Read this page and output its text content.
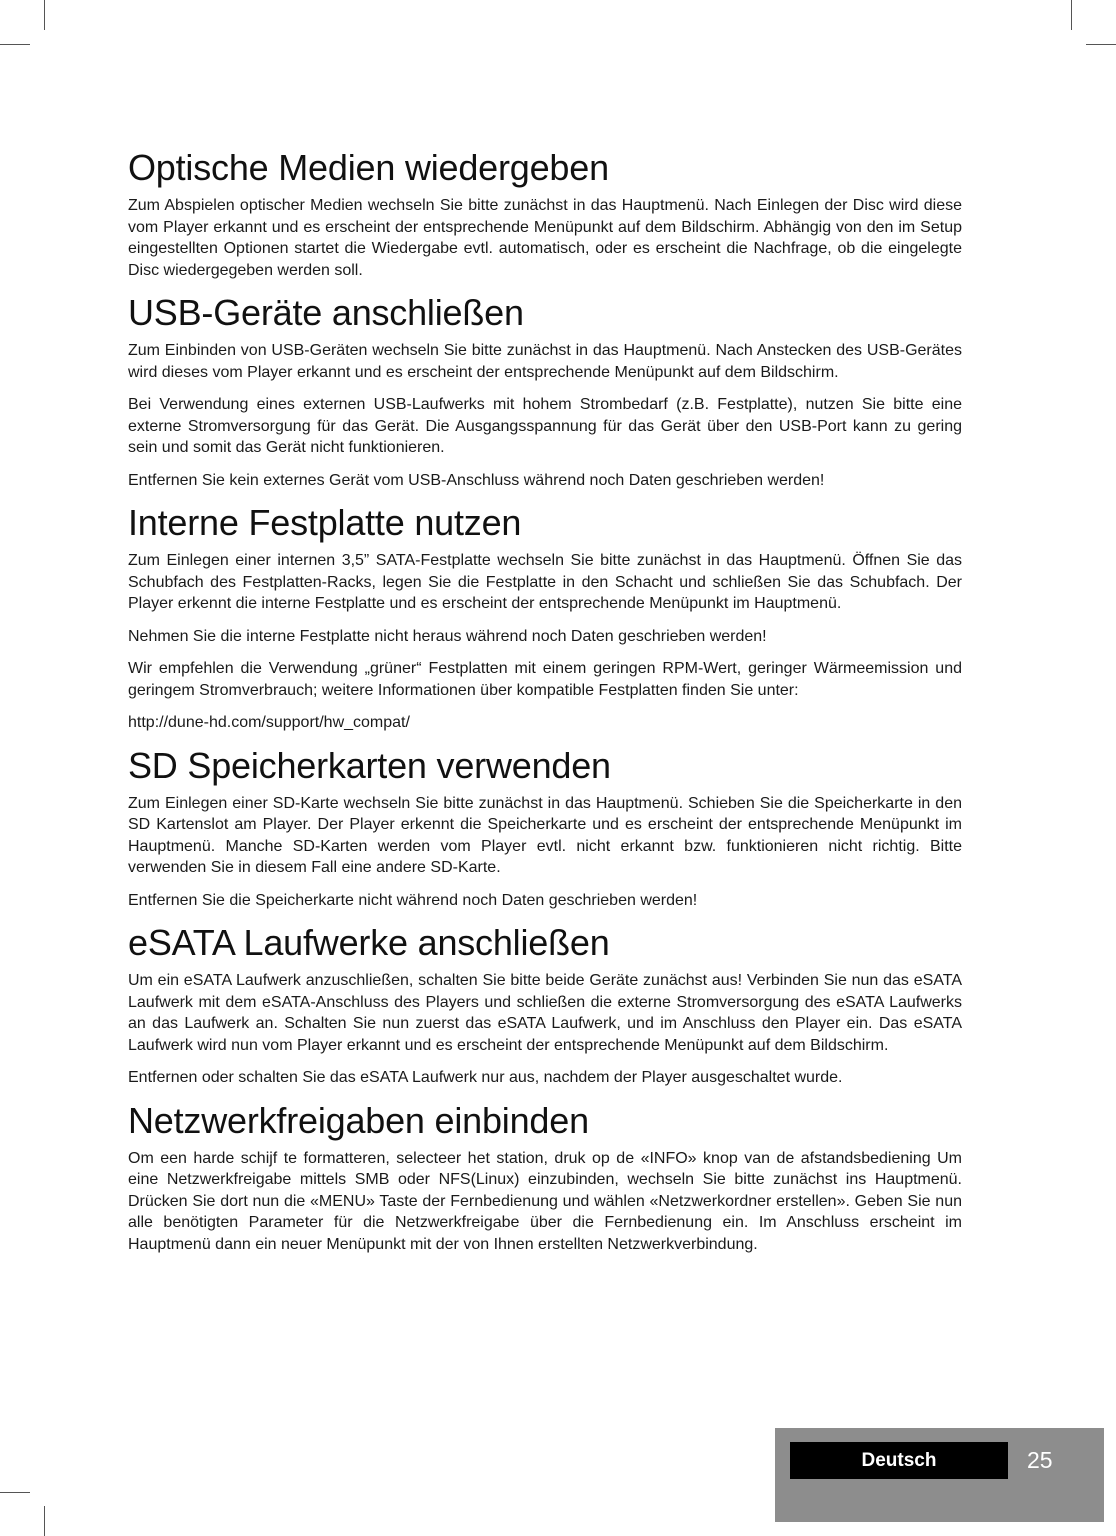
Optische Medien wiedergeben

Zum Abspielen optischer Medien wechseln Sie bitte zunächst in das Hauptmenü. Nach Einlegen der Disc wird diese vom Player erkannt und es erscheint der entsprechende Menüpunkt auf dem Bildschirm. Abhängig von den im Setup eingestellten Optionen startet die Wiedergabe evtl. automatisch, oder es erscheint die Nachfrage, ob die eingelegte Disc wiedergegeben werden soll.

USB-Geräte anschließen

Zum Einbinden von USB-Geräten wechseln Sie bitte zunächst in das Hauptmenü. Nach Anstecken des USB-Gerätes wird dieses vom Player erkannt und es erscheint der entsprechende Menüpunkt auf dem Bildschirm.

Bei Verwendung eines externen USB-Laufwerks mit hohem Strombedarf (z.B. Festplatte), nutzen Sie bitte eine externe Stromversorgung für das Gerät. Die Ausgangsspannung für das Gerät über den USB-Port kann zu gering sein und somit das Gerät nicht funktionieren.

Entfernen Sie kein externes Gerät vom USB-Anschluss während noch Daten geschrieben werden!

Interne Festplatte nutzen

Zum Einlegen einer internen 3,5” SATA-Festplatte wechseln Sie bitte zunächst in das Hauptmenü. Öffnen Sie das Schubfach des Festplatten-Racks, legen Sie die Festplatte in den Schacht und schließen Sie das Schubfach. Der Player erkennt die interne Festplatte und es erscheint der entsprechende Menüpunkt im Hauptmenü.

Nehmen Sie die interne Festplatte nicht heraus während noch Daten geschrieben werden!

Wir empfehlen die Verwendung „grüner“ Festplatten mit einem geringen RPM-Wert, geringer Wärmeemission und geringem Stromverbrauch; weitere Informationen über kompatible Festplatten finden Sie unter:

http://dune-hd.com/support/hw_compat/

SD Speicherkarten verwenden

Zum Einlegen einer SD-Karte wechseln Sie bitte zunächst in das Hauptmenü. Schieben Sie die Speicherkarte in den SD Kartenslot am Player. Der Player erkennt die Speicherkarte und es erscheint der entsprechende Menüpunkt im Hauptmenü. Manche SD-Karten werden vom Player evtl. nicht erkannt bzw. funktionieren nicht richtig. Bitte verwenden Sie in diesem Fall eine andere SD-Karte.

Entfernen Sie die Speicherkarte nicht während noch Daten geschrieben werden!

eSATA Laufwerke anschließen

Um ein eSATA Laufwerk anzuschließen, schalten Sie bitte beide Geräte zunächst aus! Verbinden Sie nun das eSATA Laufwerk mit dem eSATA-Anschluss des Players und schließen die externe Stromversorgung des eSATA Laufwerks an das Laufwerk an. Schalten Sie nun zuerst das eSATA Laufwerk, und im Anschluss den Player ein. Das eSATA Laufwerk wird nun vom Player erkannt und es erscheint der entsprechende Menüpunkt auf dem Bildschirm.

Entfernen oder schalten Sie das eSATA Laufwerk nur aus, nachdem der Player ausgeschaltet wurde.

Netzwerkfreigaben einbinden

Om een harde schijf te formatteren, selecteer het station, druk op de «INFO» knop van de afstandsbediening Um eine Netzwerkfreigabe mittels SMB oder NFS(Linux) einzubinden, wechseln Sie bitte zunächst ins Hauptmenü. Drücken Sie dort nun die «MENU» Taste der Fernbedienung und wählen «Netzwerkordner erstellen». Geben Sie nun alle benötigten Parameter für die Netzwerkfreigabe über die Fernbedienung ein. Im Anschluss erscheint im Hauptmenü dann ein neuer Menüpunkt mit der von Ihnen erstellten Netzwerkverbindung.

Deutsch	25
